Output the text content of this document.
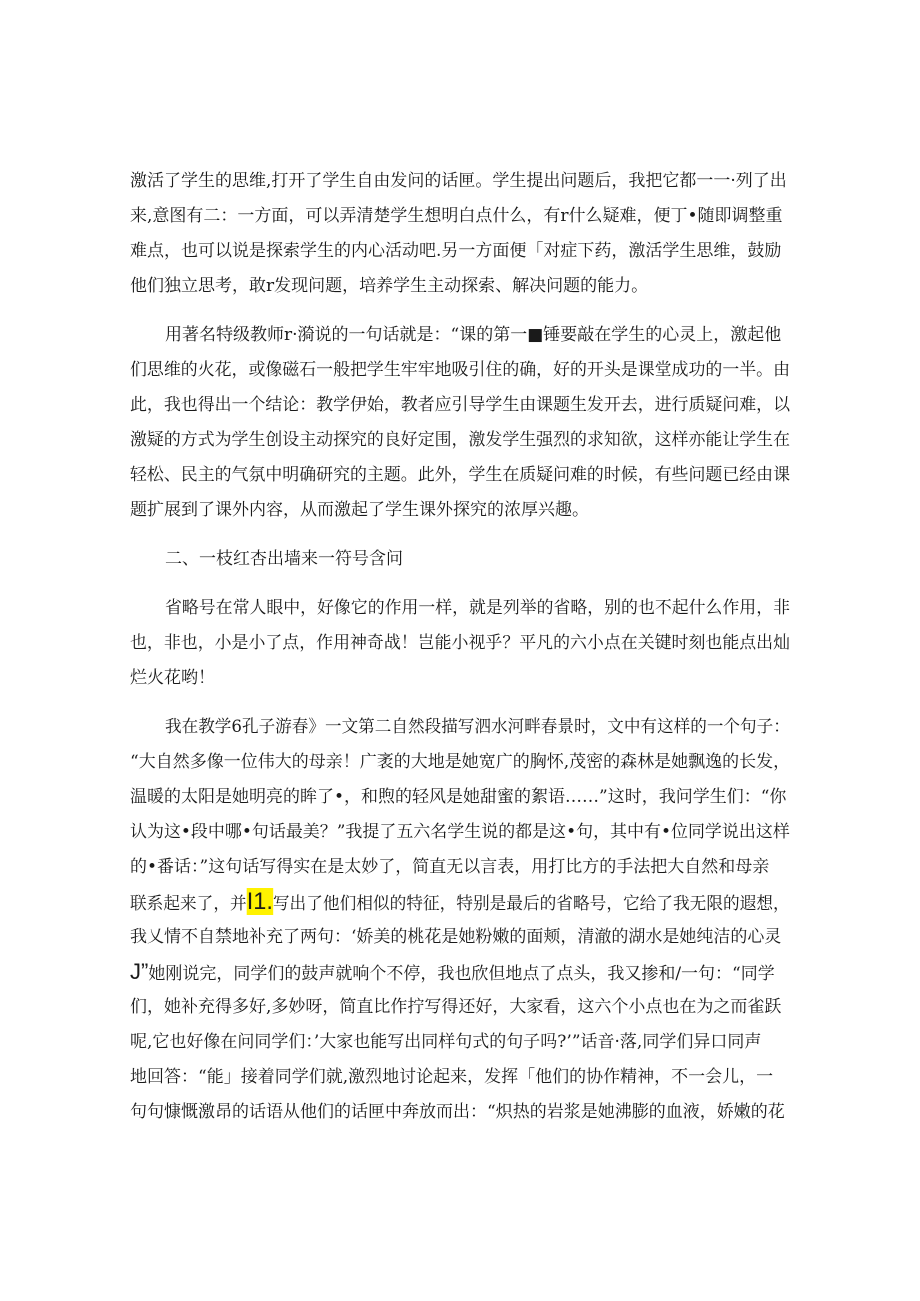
激活了学生的思维,打开了学生自由发问的话匣。学生提出问题后，我把它都一一·列了出
来,意图有二：一方面，可以弄清楚学生想明白点什么，有r什么疑难，便丁•随即调整重
难点，也可以说是探索学生的内心活动吧.另一方面便「对症下药，激活学生思维，鼓励
他们独立思考，敢r发现问题，培养学生主动探索、解决问题的能力。
用著名特级教师r·漪说的一句话就是：“课的第一■锤要敲在学生的心灵上，激起他
们思维的火花，或像磁石一般把学生牢牢地吸引住的确，好的开头是课堂成功的一半。由
此，我也得出一个结论：教学伊始，教者应引导学生由课题生发开去，进行质疑问难，以
激疑的方式为学生创设主动探究的良好定围，激发学生强烈的求知欲，这样亦能让学生在
轻松、民主的气氛中明确研究的主题。此外，学生在质疑问难的时候，有些问题已经由课
题扩展到了课外内容，从而激起了学生课外探究的浓厚兴趣。
二、一枝红杏出墙来一符号含问
省略号在常人眼中，好像它的作用一样，就是列举的省略，别的也不起什么作用，非
也，非也，小是小了点，作用神奇战！岂能小视乎？平凡的六小点在关键时刻也能点出灿
烂火花哟！
我在教学6孔子游春》一文第二自然段描写泗水河畔春景时，文中有这样的一个句子：
“大自然多像一位伟大的母亲！广袤的大地是她宽广的胸怀,茂密的森林是她飘逸的长发，
温暖的太阳是她明亮的眸了•，和煦的轻风是她甜蜜的絮语……”这时，我问学生们：“你
认为这•段中哪•句话最美？”我提了五六名学生说的都是这•句，其中有•位同学说出这样
的•番话：”这句话写得实在是太妙了，简直无以言表，用打比方的手法把大自然和母亲
联系起来了，并I1.写出了他们相似的特征，特别是最后的省略号，它给了我无限的遐想，
我乂情不自禁地补充了两句：‘娇美的桃花是她粉嫩的面颊，清澈的湖水是她纯洁的心灵
J”她刚说完，同学们的鼓声就响个不停，我也欣但地点了点头，我又掺和/一句：“同学
们，她补充得多好,多妙呀，简直比作拧写得还好，大家看，这六个小点也在为之而雀跃
呢,它也好像在问同学们：’大家也能写出同样句式的句子吗?’”话音·落,同学们异口同声
地回答：“能」接着同学们就,激烈地讨论起来，发挥「他们的协作精神，不一会儿，一
句句慷慨激昂的话语从他们的话匣中奔放而出：“炽热的岩浆是她沸膨的血液，娇嫩的花
